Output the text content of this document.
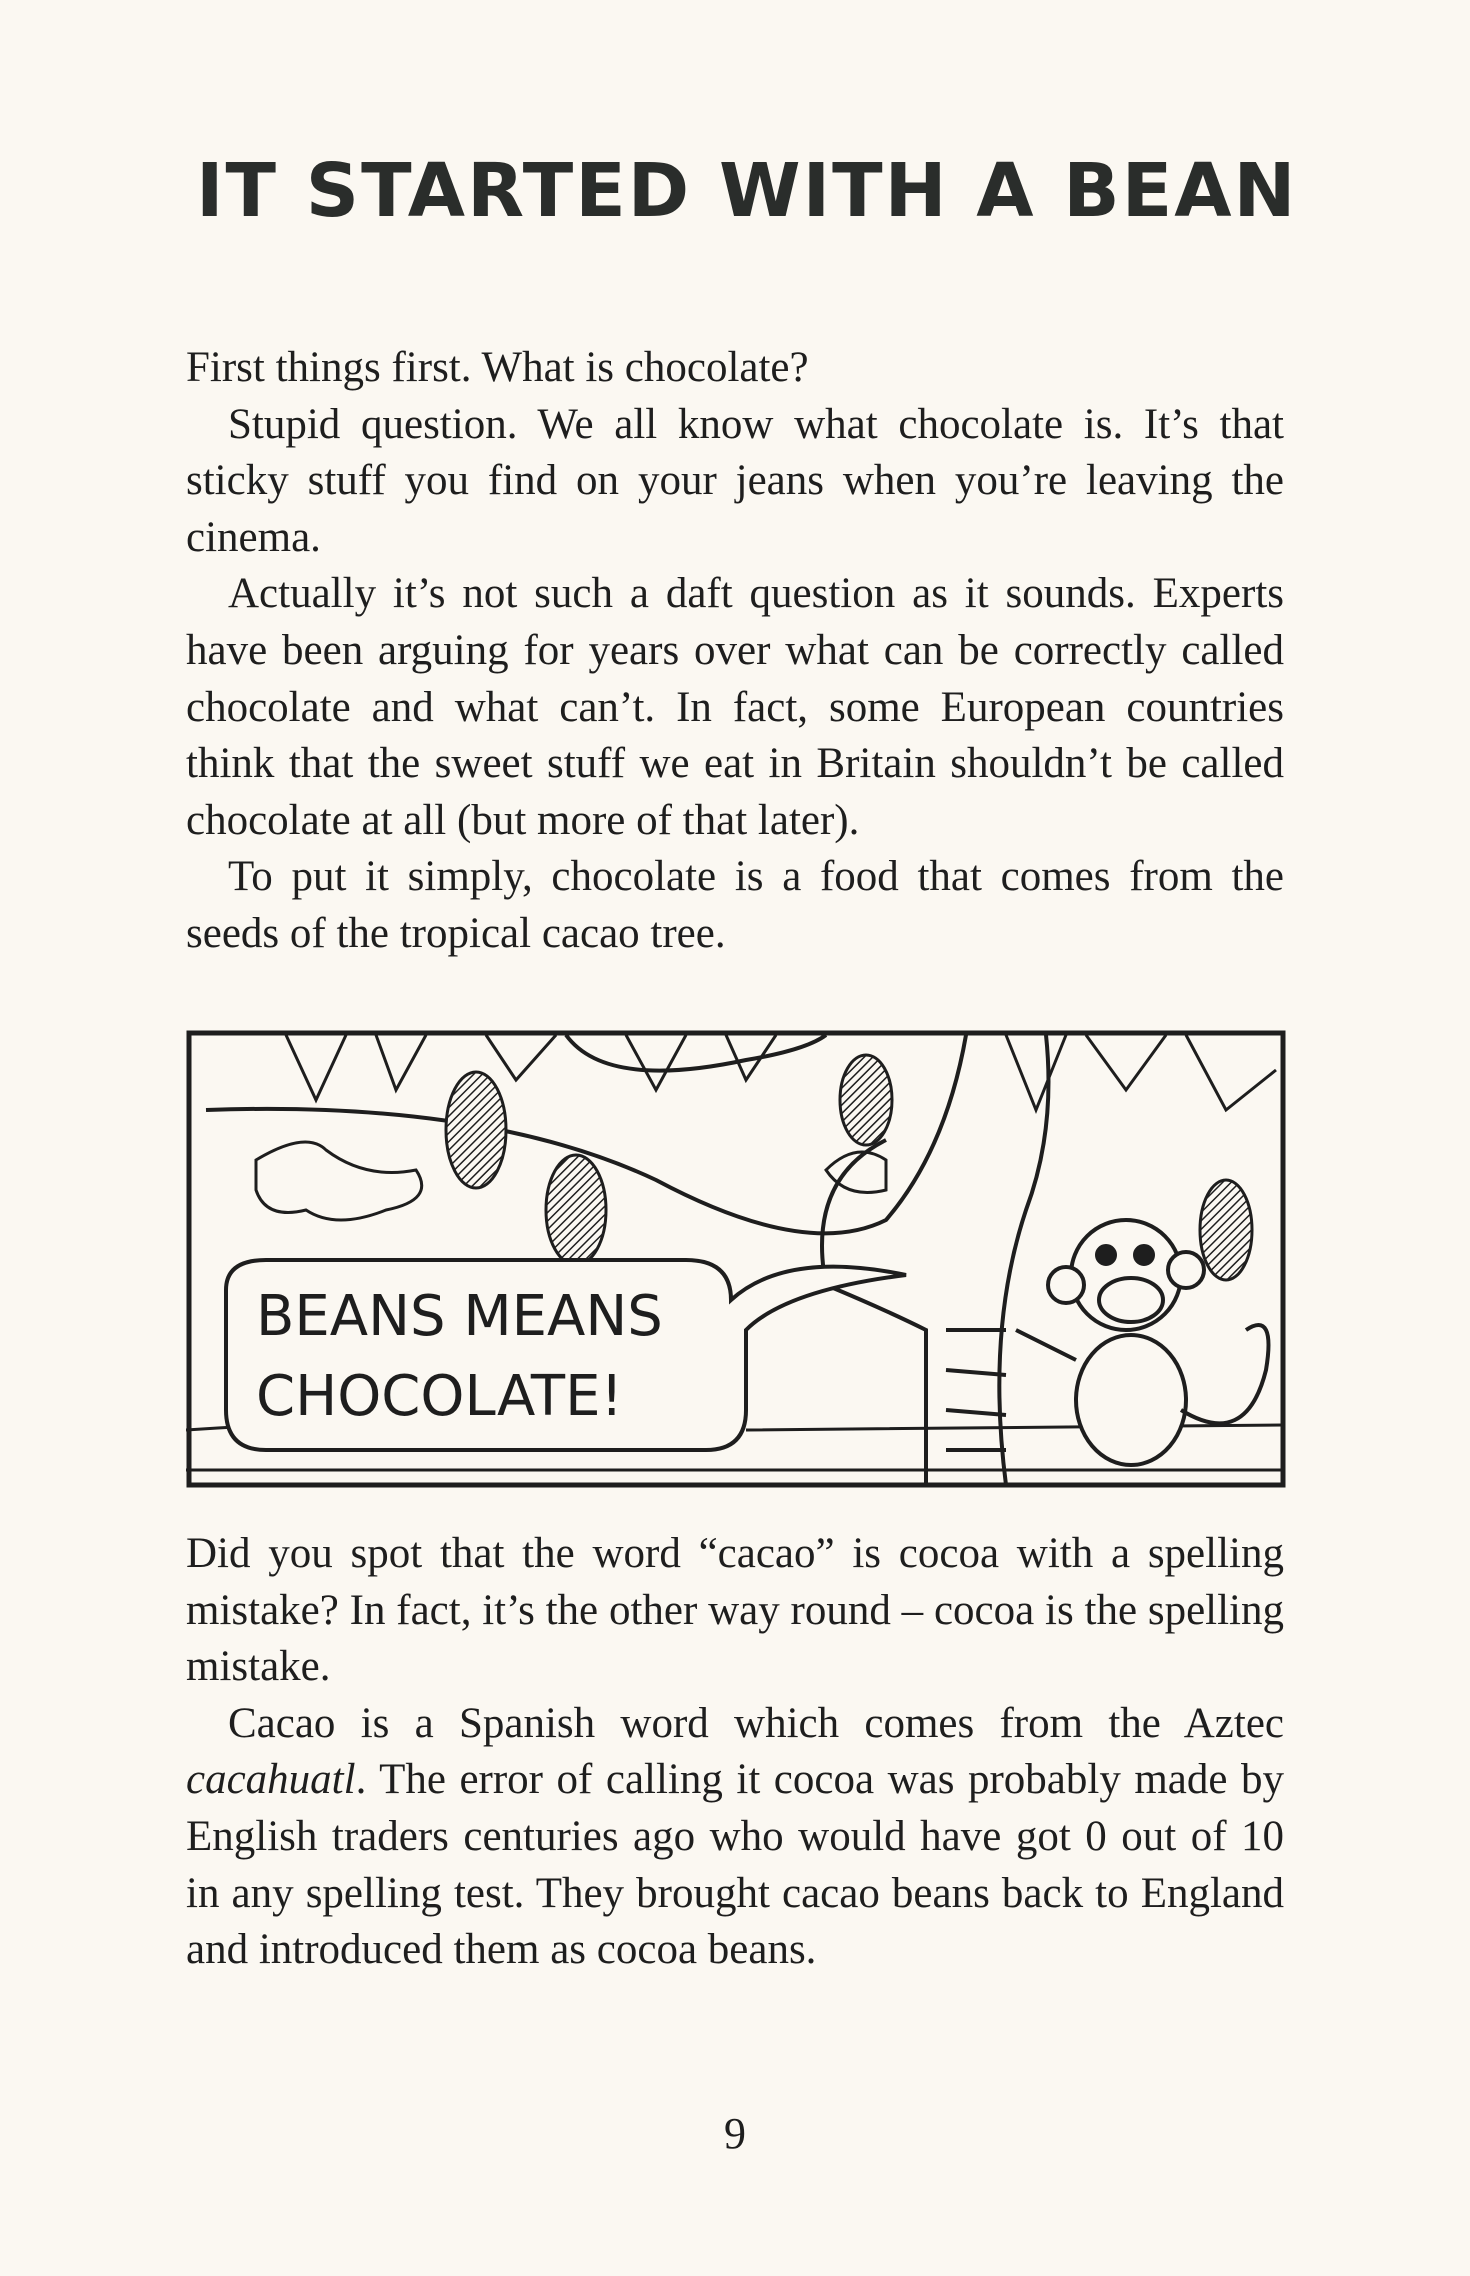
IT STARTED WITH A BEAN

First things first. What is chocolate?

Stupid question. We all know what chocolate is. It’s that sticky stuff you find on your jeans when you’re leaving the cinema.

Actually it’s not such a daft question as it sounds. Experts have been arguing for years over what can be correctly called chocolate and what can’t. In fact, some European countries think that the sweet stuff we eat in Britain shouldn’t be called chocolate at all (but more of that later).

To put it simply, chocolate is a food that comes from the seeds of the tropical cacao tree.

BEANS MEANS
CHOCOLATE!

Did you spot that the word “cacao” is cocoa with a spelling mistake? In fact, it’s the other way round – cocoa is the spelling mistake.

Cacao is a Spanish word which comes from the Aztec cacahuatl. The error of calling it cocoa was probably made by English traders centuries ago who would have got 0 out of 10 in any spelling test. They brought cacao beans back to England and introduced them as cocoa beans.

9
